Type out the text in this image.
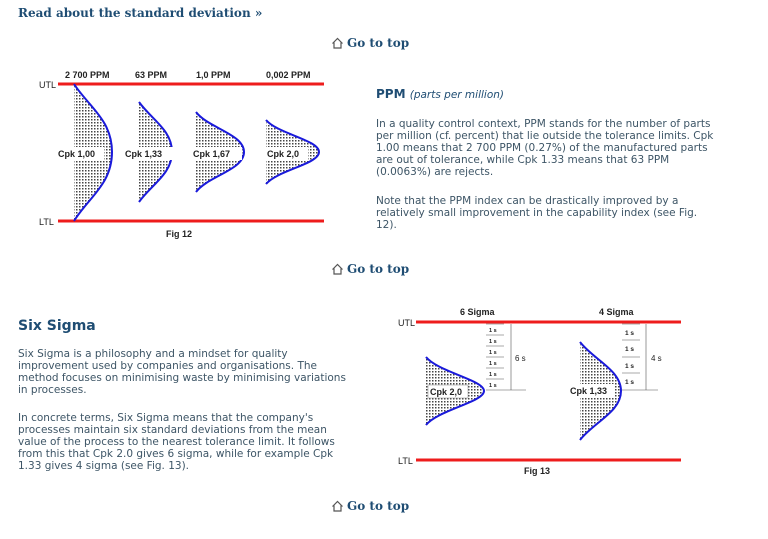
Read about the standard deviation »
Go to top
UTL
LTL
2 700 PPM	63 PPM	1,0 PPM	0,002 PPM
Cpk 1,00	Cpk 1,33	Cpk 1,67	Cpk 2,0
Fig 12
PPM (parts per million)
In a quality control context, PPM stands for the number of parts per million (cf. percent) that lie outside the tolerance limits. Cpk 1.00 means that 2 700 PPM (0.27%) of the manufactured parts are out of tolerance, while Cpk 1.33 means that 63 PPM (0.0063%) are rejects.
Note that the PPM index can be drastically improved by a relatively small improvement in the capability index (see Fig. 12).
Go to top
Six Sigma
Six Sigma is a philosophy and a mindset for quality improvement used by companies and organisations. The method focuses on minimising waste by minimising variations in processes.
In concrete terms, Six Sigma means that the company's processes maintain six standard deviations from the mean value of the process to the nearest tolerance limit. It follows from this that Cpk 2.0 gives 6 sigma, while for example Cpk 1.33 gives 4 sigma (see Fig. 13).
6 Sigma	4 Sigma
UTL
LTL
Cpk 2,0
1 s
1 s
1 s
1 s
1 s
1 s
6 s
Cpk 1,33
1 s
1 s
1 s
1 s
4 s
Fig 13
Go to top
